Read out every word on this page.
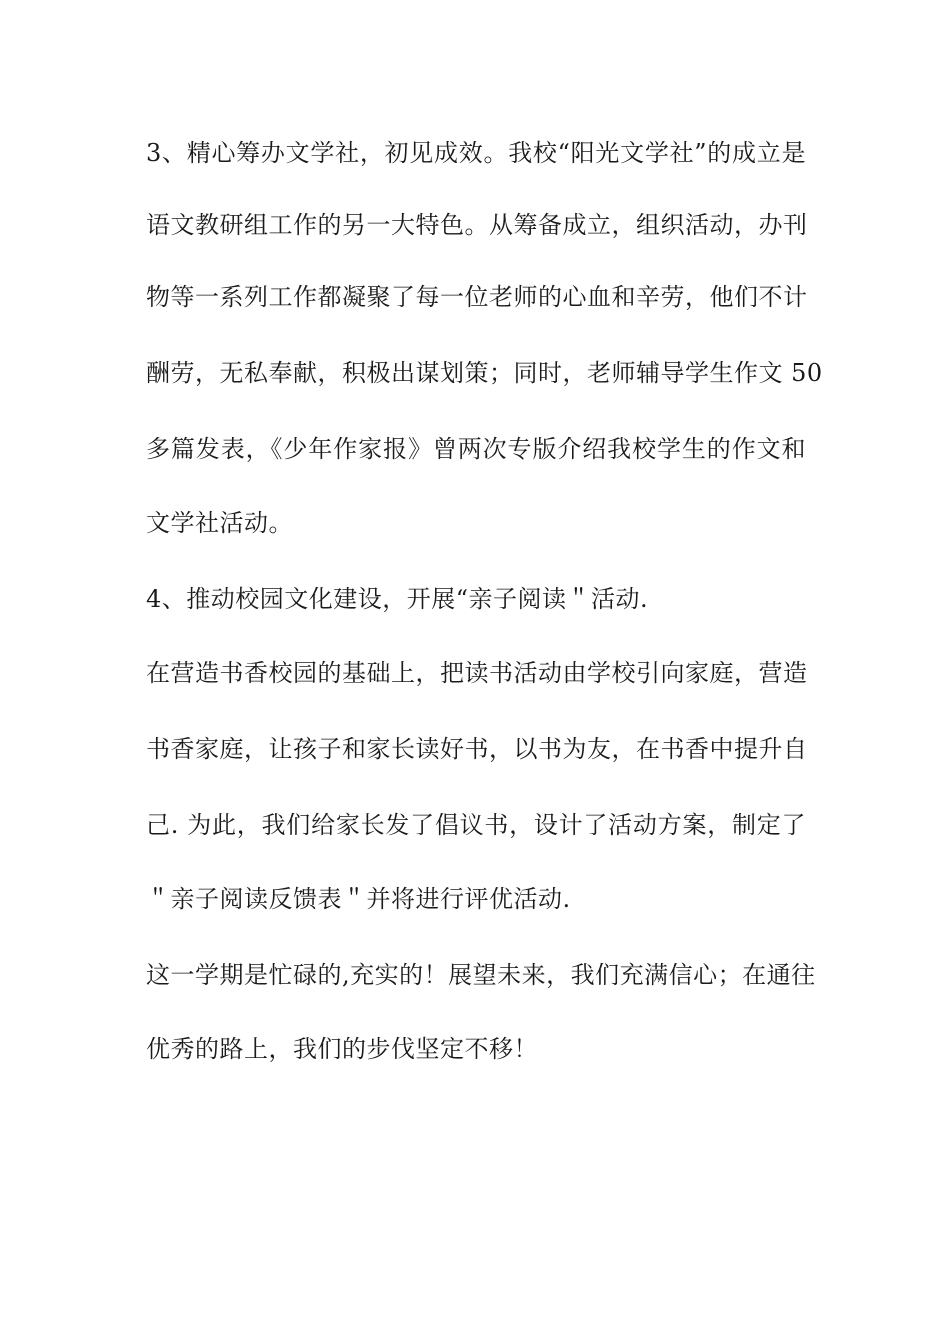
3、精心筹办文学社，初见成效。我校“阳光文学社”的成立是
语文教研组工作的另一大特色。从筹备成立，组织活动，办刊
物等一系列工作都凝聚了每一位老师的心血和辛劳，他们不计
酬劳，无私奉献，积极出谋划策；同时，老师辅导学生作文 50
多篇发表，《少年作家报》曾两次专版介绍我校学生的作文和
文学社活动。
4、推动校园文化建设，开展“亲子阅读＂活动.
在营造书香校园的基础上，把读书活动由学校引向家庭，营造
书香家庭，让孩子和家长读好书，以书为友，在书香中提升自
己. 为此，我们给家长发了倡议书，设计了活动方案，制定了
＂亲子阅读反馈表＂并将进行评优活动.
这一学期是忙碌的,充实的！展望未来，我们充满信心；在通往
优秀的路上，我们的步伐坚定不移！
